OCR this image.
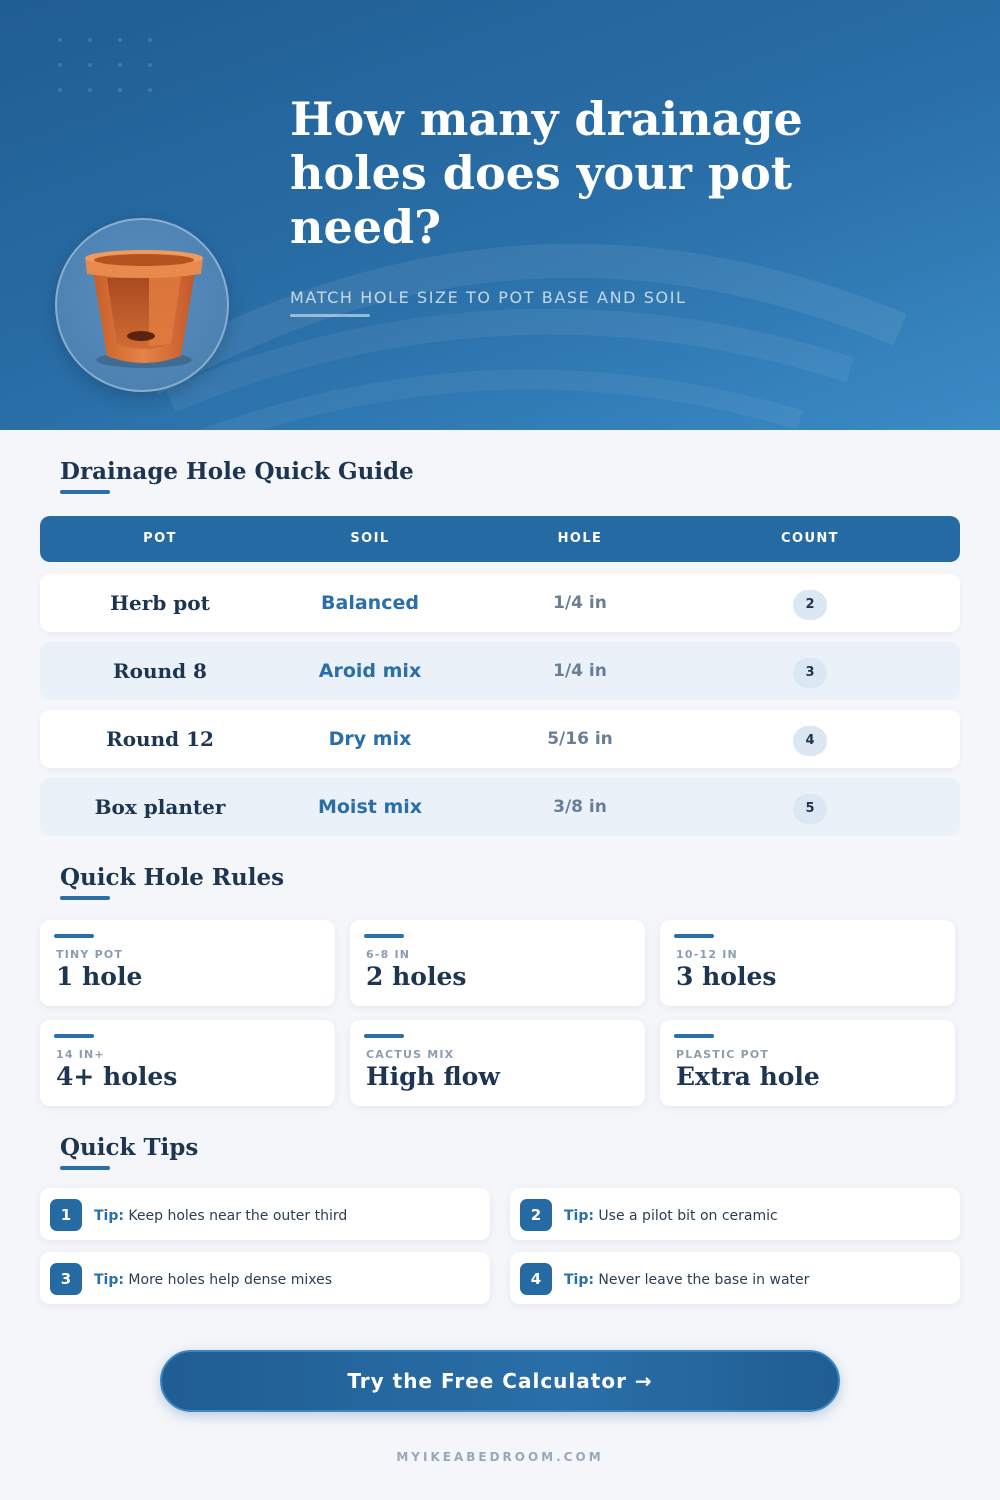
How many drainage holes does your pot need?
MATCH HOLE SIZE TO POT BASE AND SOIL
Drainage Hole Quick Guide
POT	SOIL	HOLE	COUNT
Herb pot	Balanced	1/4 in	2
Round 8	Aroid mix	1/4 in	3
Round 12	Dry mix	5/16 in	4
Box planter	Moist mix	3/8 in	5
Quick Hole Rules
TINY POT
1 hole
6-8 IN
2 holes
10-12 IN
3 holes
14 IN+
4+ holes
CACTUS MIX
High flow
PLASTIC POT
Extra hole
Quick Tips
1	Tip: Keep holes near the outer third	2	Tip: Use a pilot bit on ceramic
3	Tip: More holes help dense mixes	4	Tip: Never leave the base in water
Try the Free Calculator →
MYIKEABEDROOM.COM
